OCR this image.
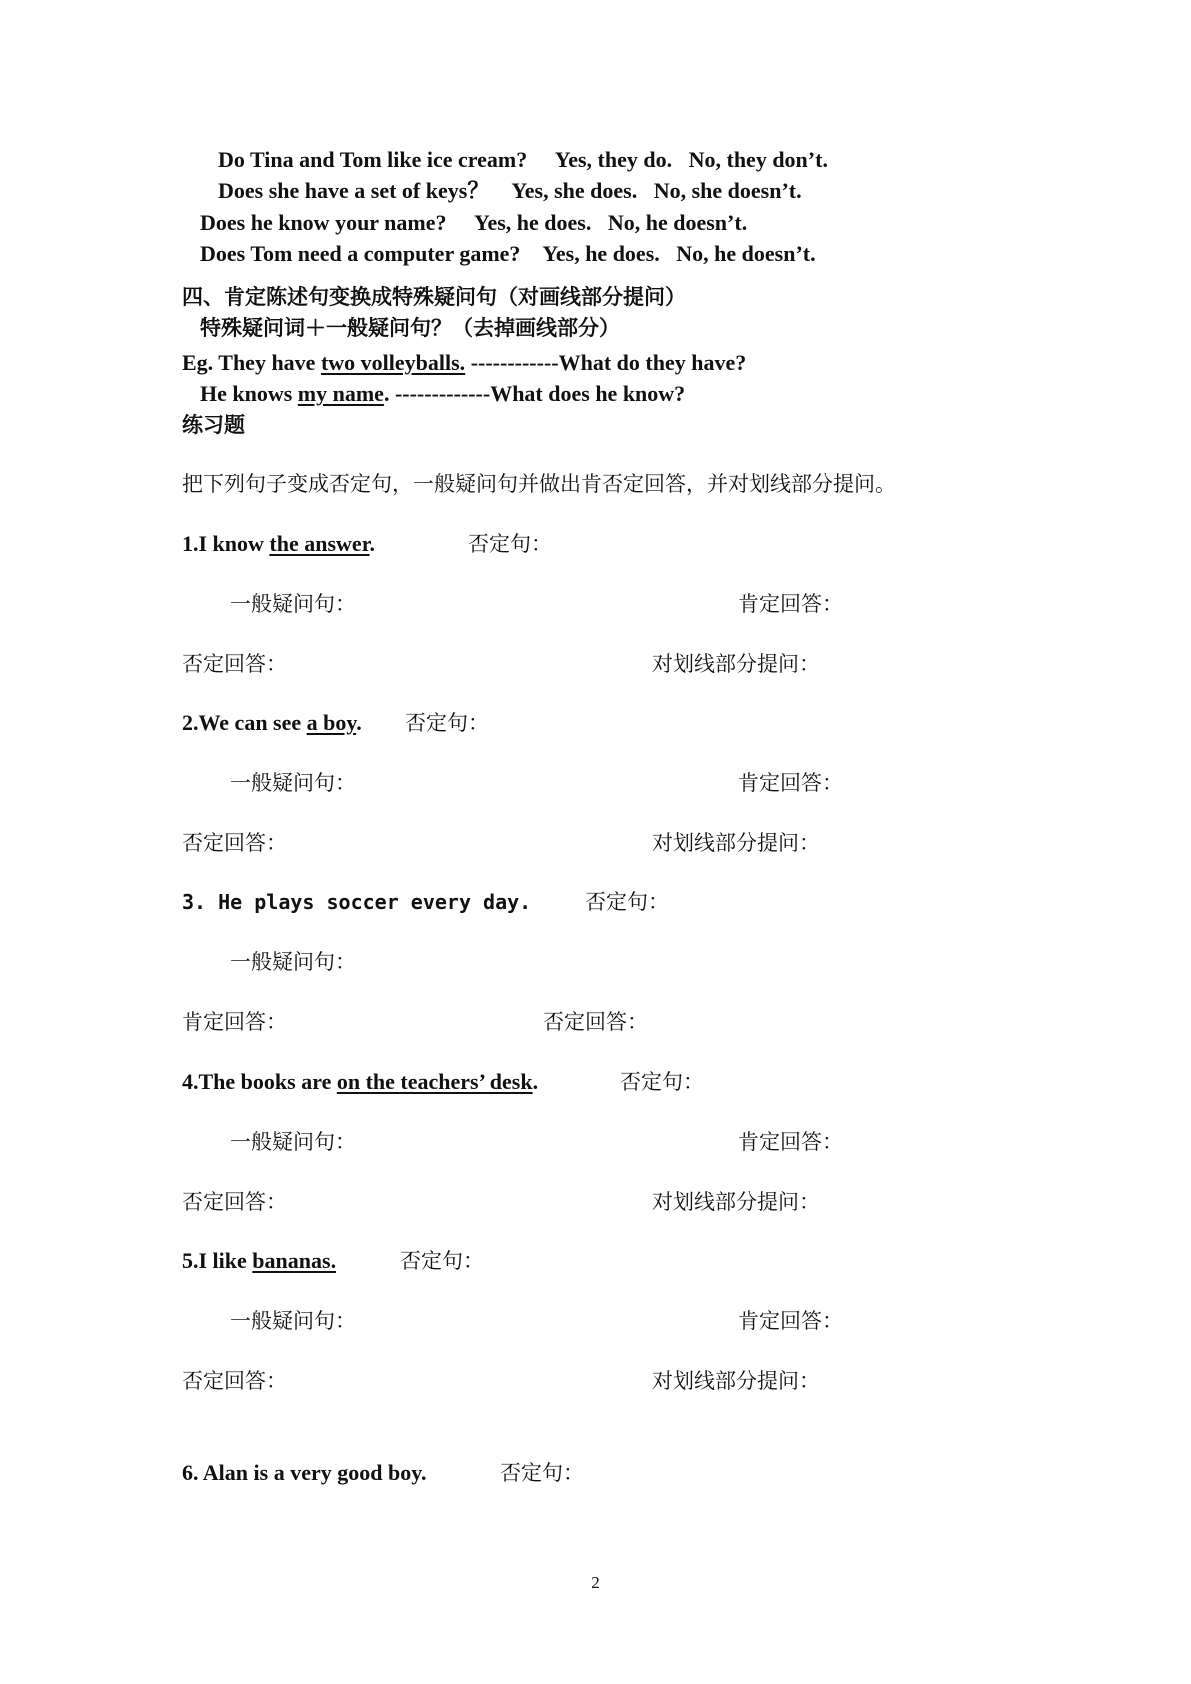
Do Tina and Tom like ice cream? Yes, they do. No, they don’t.
Does she have a set of keys？ Yes, she does. No, she doesn’t.
Does he know your name? Yes, he does. No, he doesn’t.
Does Tom need a computer game? Yes, he does. No, he doesn’t.
四、肯定陈述句变换成特殊疑问句（对画线部分提问）
特殊疑问词＋一般疑问句？（去掉画线部分）
Eg. They have two volleyballs. ------------What do they have?
He knows my name. -------------What does he know?
练习题
把下列句子变成否定句，一般疑问句并做出肯否定回答，并对划线部分提问。
1.I know the answer.	否定句：
一般疑问句：	肯定回答：
否定回答：	对划线部分提问：
2.We can see a boy. 否定句：
一般疑问句：	肯定回答：
否定回答：	对划线部分提问：
3. He plays soccer every day.	否定句：
一般疑问句：
肯定回答：	否定回答：
4.The books are on the teachers’ desk.	否定句：
一般疑问句：	肯定回答：
否定回答：	对划线部分提问：
5.I like bananas.	否定句：
一般疑问句：	肯定回答：
否定回答：	对划线部分提问：
6. Alan is a very good boy.	否定句：
2
